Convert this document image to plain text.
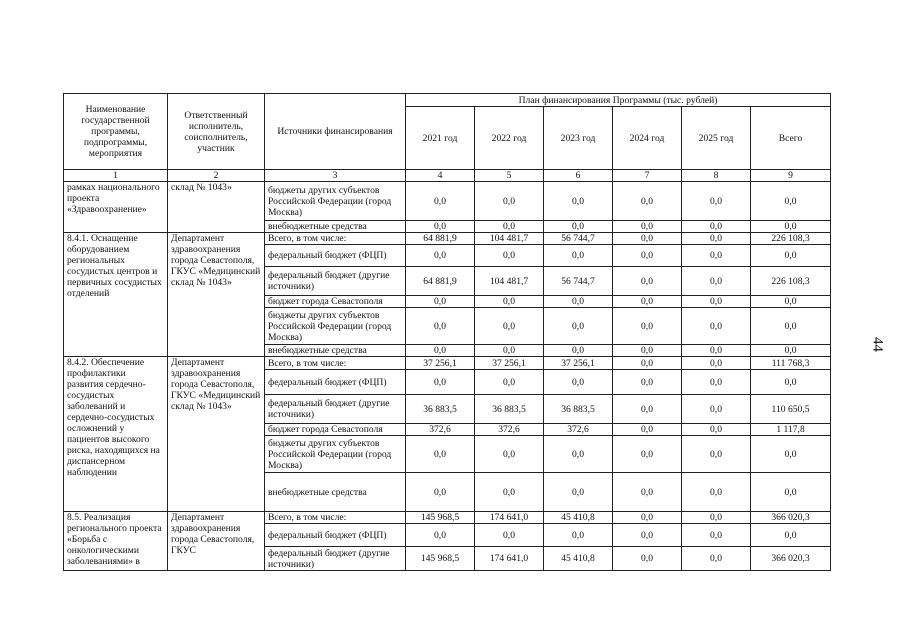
Наименование государственной программы, подпрограммы, мероприятия	Ответственный исполнитель, соисполнитель, участник	Источники финансирования	План финансирования Программы (тыс. рублей)					
			2021 год	2022 год	2023 год	2024 год	2025 год	Всего
1	2	3	4	5	6	7	8	9
рамках национального проекта «Здравоохранение»	склад № 1043»	бюджеты других субъектов Российской Федерации (город Москва)	0,0	0,0	0,0	0,0	0,0	0,0
		внебюджетные средства	0,0	0,0	0,0	0,0	0,0	0,0
8.4.1. Оснащение оборудованием региональных сосудистых центров и первичных сосудистых отделений	Департамент здравоохранения города Севастополя, ГКУС «Медицинский склад № 1043»	Всего, в том числе:	64 881,9	104 481,7	56 744,7	0,0	0,0	226 108,3
		федеральный бюджет (ФЦП)	0,0	0,0	0,0	0,0	0,0	0,0
		федеральный бюджет (другие источники)	64 881,9	104 481,7	56 744,7	0,0	0,0	226 108,3
		бюджет города Севастополя	0,0	0,0	0,0	0,0	0,0	0,0
		бюджеты других субъектов Российской Федерации (город Москва)	0,0	0,0	0,0	0,0	0,0	0,0
		внебюджетные средства	0,0	0,0	0,0	0,0	0,0	0,0
8.4.2. Обеспечение профилактики развития сердечно-сосудистых заболеваний и сердечно-сосудистых осложнений у пациентов высокого риска, находящихся на диспансерном наблюдении	Департамент здравоохранения города Севастополя, ГКУС «Медицинский склад № 1043»	Всего, в том числе:	37 256,1	37 256,1	37 256,1	0,0	0,0	111 768,3
		федеральный бюджет (ФЦП)	0,0	0,0	0,0	0,0	0,0	0,0
		федеральный бюджет (другие источники)	36 883,5	36 883,5	36 883,5	0,0	0,0	110 650,5
		бюджет города Севастополя	372,6	372,6	372,6	0,0	0,0	1 117,8
		бюджеты других субъектов Российской Федерации (город Москва)	0,0	0,0	0,0	0,0	0,0	0,0
		внебюджетные средства	0,0	0,0	0,0	0,0	0,0	0,0
8.5. Реализация регионального проекта «Борьба с онкологическими заболеваниями» в	Департамент здравоохранения города Севастополя, ГКУС	Всего, в том числе:	145 968,5	174 641,0	45 410,8	0,0	0,0	366 020,3
		федеральный бюджет (ФЦП)	0,0	0,0	0,0	0,0	0,0	0,0
		федеральный бюджет (другие источники)	145 968,5	174 641,0	45 410,8	0,0	0,0	366 020,3
44
